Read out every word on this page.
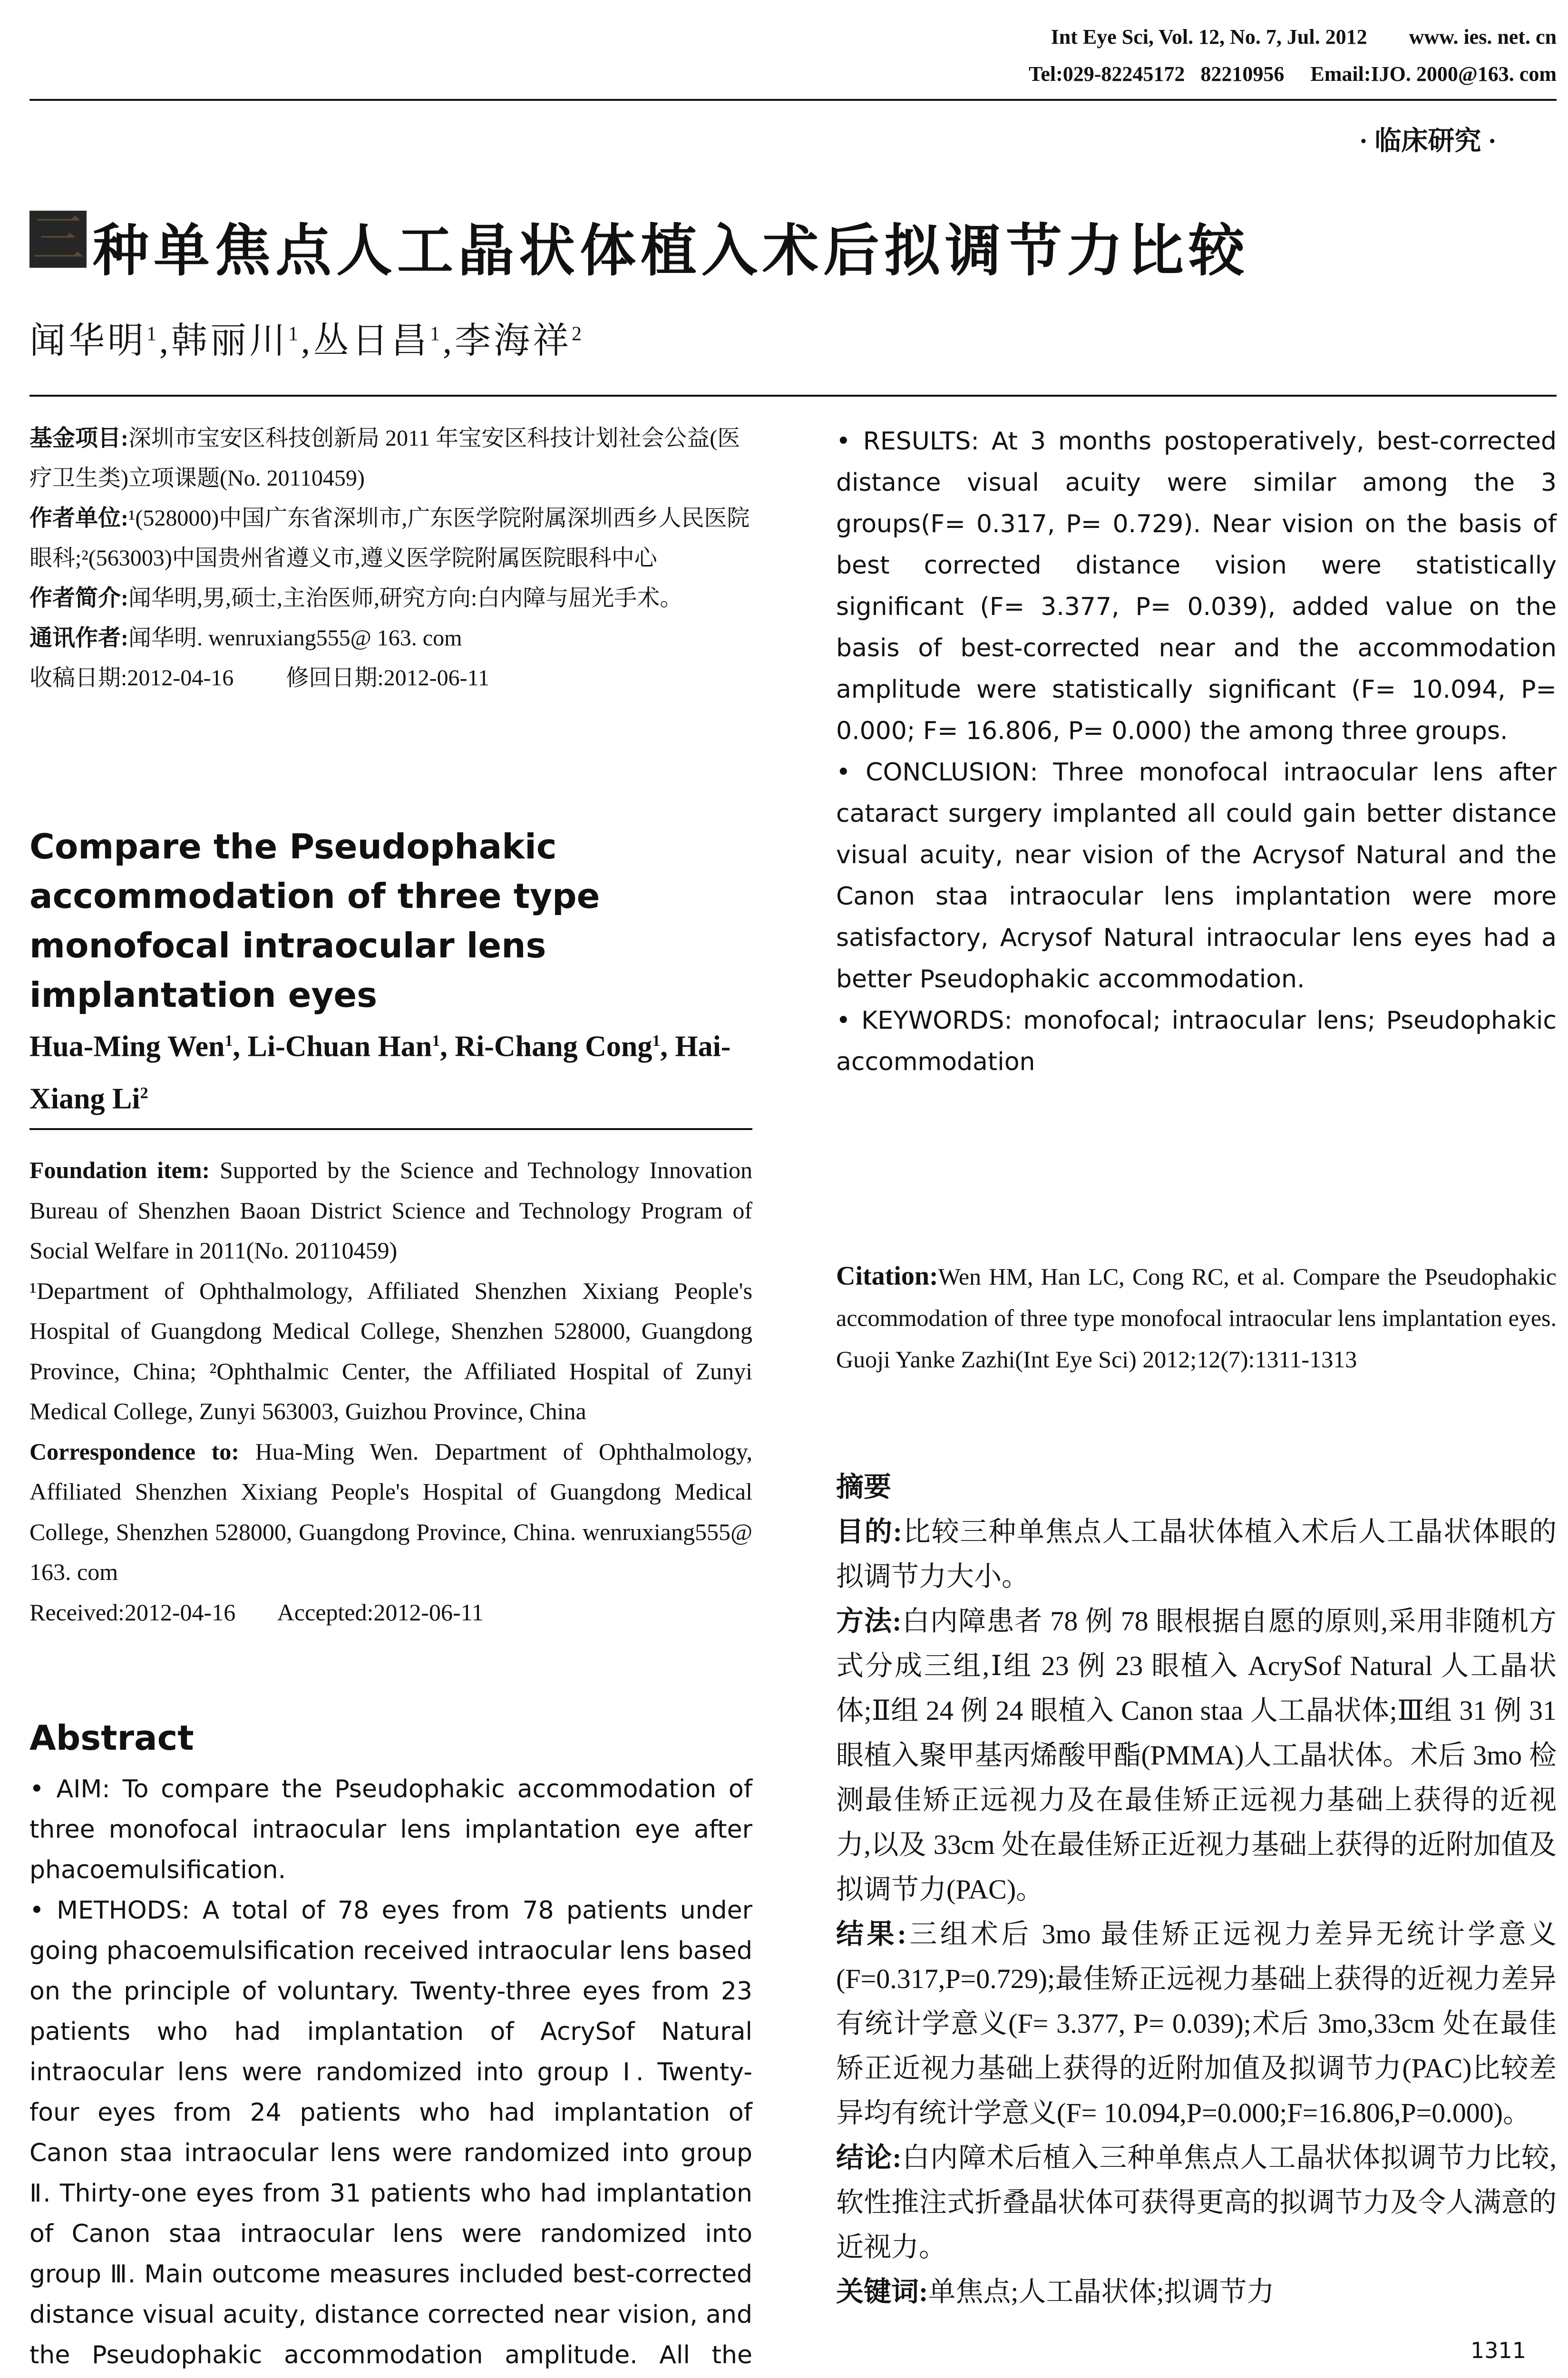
Int Eye Sci, Vol. 12, No. 7, Jul. 2012        www. ies. net. cn
Tel:029-82245172   82210956     Email:IJO. 2000@163. com
· 临床研究 ·
三 种单焦点人工晶状体植入术后拟调节力比较
闻华明$^1$,韩丽川$^1$,丛日昌$^1$,李海祥$^2$

基金项目:深圳市宝安区科技创新局 2011 年宝安区科技计划社会公益(医疗卫生类)立项课题(No. 20110459)

作者单位:¹(528000)中国广东省深圳市,广东医学院附属深圳西乡人民医院眼科;²(563003)中国贵州省遵义市,遵义医学院附属医院眼科中心

作者简介:闻华明,男,硕士,主治医师,研究方向:白内障与屈光手术。

通讯作者:闻华明. wenruxiang555@ 163. com

收稿日期:2012-04-16 修回日期:2012-06-11

Compare the Pseudophakic accommodation of three type monofocal intraocular lens implantation eyes
Hua-Ming Wen$^1$, Li-Chuan Han$^1$, Ri-Chang Cong$^1$, Hai-Xiang Li$^2$

Foundation item: Supported by the Science and Technology Innovation Bureau of Shenzhen Baoan District Science and Technology Program of Social Welfare in 2011(No. 20110459)

¹Department of Ophthalmology, Affiliated Shenzhen Xixiang People's Hospital of Guangdong Medical College, Shenzhen 528000, Guangdong Province, China; ²Ophthalmic Center, the Affiliated Hospital of Zunyi Medical College, Zunyi 563003, Guizhou Province, China

Correspondence to: Hua-Ming Wen. Department of Ophthalmology, Affiliated Shenzhen Xixiang People's Hospital of Guangdong Medical College, Shenzhen 528000, Guangdong Province, China. wenruxiang555@ 163. com

Received:2012-04-16 Accepted:2012-06-11

Abstract

• AIM: To compare the Pseudophakic accommodation of three monofocal intraocular lens implantation eye after phacoemulsification.

• METHODS: A total of 78 eyes from 78 patients under going phacoemulsification received intraocular lens based on the principle of voluntary. Twenty-three eyes from 23 patients who had implantation of AcrySof Natural intraocular lens were randomized into group Ⅰ. Twenty-four eyes from 24 patients who had implantation of Canon staa intraocular lens were randomized into group Ⅱ. Thirty-one eyes from 31 patients who had implantation of Canon staa intraocular lens were randomized into group Ⅲ. Main outcome measures included best-corrected distance visual acuity, distance corrected near vision, and the Pseudophakic accommodation amplitude. All the

• RESULTS: At 3 months postoperatively, best-corrected distance visual acuity were similar among the 3 groups(F= 0.317, P= 0.729). Near vision on the basis of best corrected distance vision were statistically significant (F= 3.377, P= 0.039), added value on the basis of best-corrected near and the accommodation amplitude were statistically significant (F= 10.094, P= 0.000; F= 16.806, P= 0.000) the among three groups.

• CONCLUSION: Three monofocal intraocular lens after cataract surgery implanted all could gain better distance visual acuity, near vision of the Acrysof Natural and the Canon staa intraocular lens implantation were more satisfactory, Acrysof Natural intraocular lens eyes had a better Pseudophakic accommodation.

• KEYWORDS: monofocal; intraocular lens; Pseudophakic accommodation

Citation:Wen HM, Han LC, Cong RC, et al. Compare the Pseudophakic accommodation of three type monofocal intraocular lens implantation eyes. Guoji Yanke Zazhi(Int Eye Sci) 2012;12(7):1311-1313

摘要

目的:比较三种单焦点人工晶状体植入术后人工晶状体眼的拟调节力大小。

方法:白内障患者 78 例 78 眼根据自愿的原则,采用非随机方式分成三组,Ⅰ组 23 例 23 眼植入 AcrySof Natural 人工晶状体;Ⅱ组 24 例 24 眼植入 Canon staa 人工晶状体;Ⅲ组 31 例 31 眼植入聚甲基丙烯酸甲酯(PMMA)人工晶状体。术后 3mo 检测最佳矫正远视力及在最佳矫正远视力基础上获得的近视力,以及 33cm 处在最佳矫正近视力基础上获得的近附加值及拟调节力(PAC)。

结果:三组术后 3mo 最佳矫正远视力差异无统计学意义(F=0.317,P=0.729);最佳矫正远视力基础上获得的近视力差异有统计学意义(F= 3.377, P= 0.039);术后 3mo,33cm 处在最佳矫正近视力基础上获得的近附加值及拟调节力(PAC)比较差异均有统计学意义(F= 10.094,P=0.000;F=16.806,P=0.000)。

结论:白内障术后植入三种单焦点人工晶状体拟调节力比较,软性推注式折叠晶状体可获得更高的拟调节力及令人满意的近视力。

关键词:单焦点;人工晶状体;拟调节力

1311
